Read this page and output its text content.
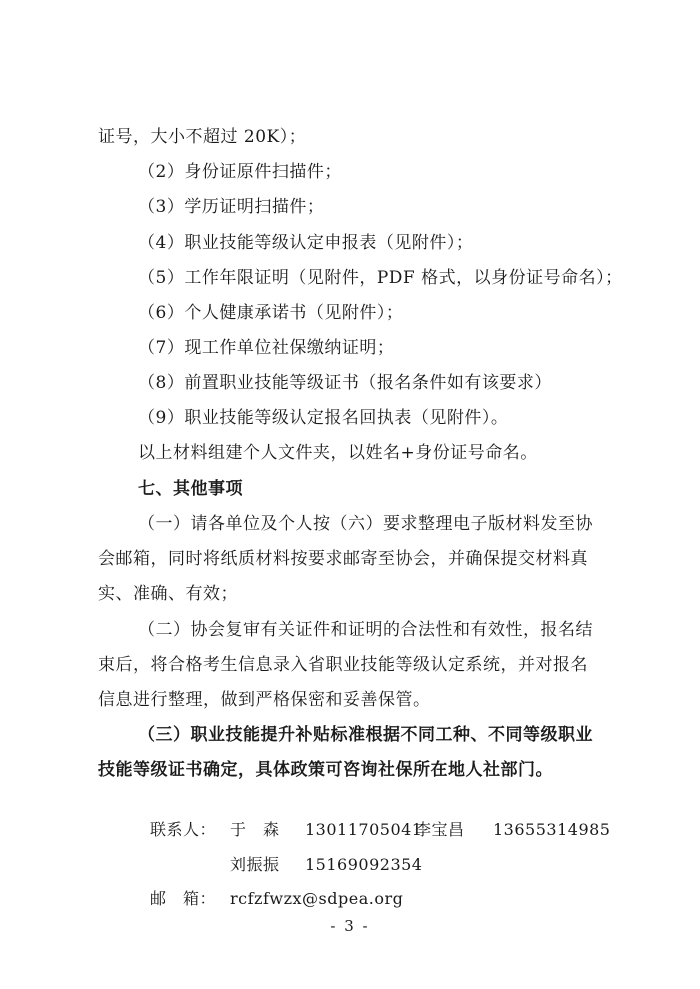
证号，大小不超过 20K）；
（2）身份证原件扫描件；
（3）学历证明扫描件；
（4）职业技能等级认定申报表（见附件）；
（5）工作年限证明（见附件，PDF 格式，以身份证号命名）；
（6）个人健康承诺书（见附件）；
（7）现工作单位社保缴纳证明；
（8）前置职业技能等级证书（报名条件如有该要求）
（9）职业技能等级认定报名回执表（见附件）。
以上材料组建个人文件夹，以姓名+身份证号命名。
七、其他事项
（一）请各单位及个人按（六）要求整理电子版材料发至协
会邮箱，同时将纸质材料按要求邮寄至协会，并确保提交材料真
实、准确、有效；
（二）协会复审有关证件和证明的合法性和有效性，报名结
束后，将合格考生信息录入省职业技能等级认定系统，并对报名
信息进行整理，做到严格保密和妥善保管。
（三）职业技能提升补贴标准根据不同工种、不同等级职业
技能等级证书确定，具体政策可咨询社保所在地人社部门。
联系人： 于　森 13011705041
李宝昌 13655314985
刘振振 15169092354
邮　箱： rcfzfwzx@sdpea.org
- 3 -
